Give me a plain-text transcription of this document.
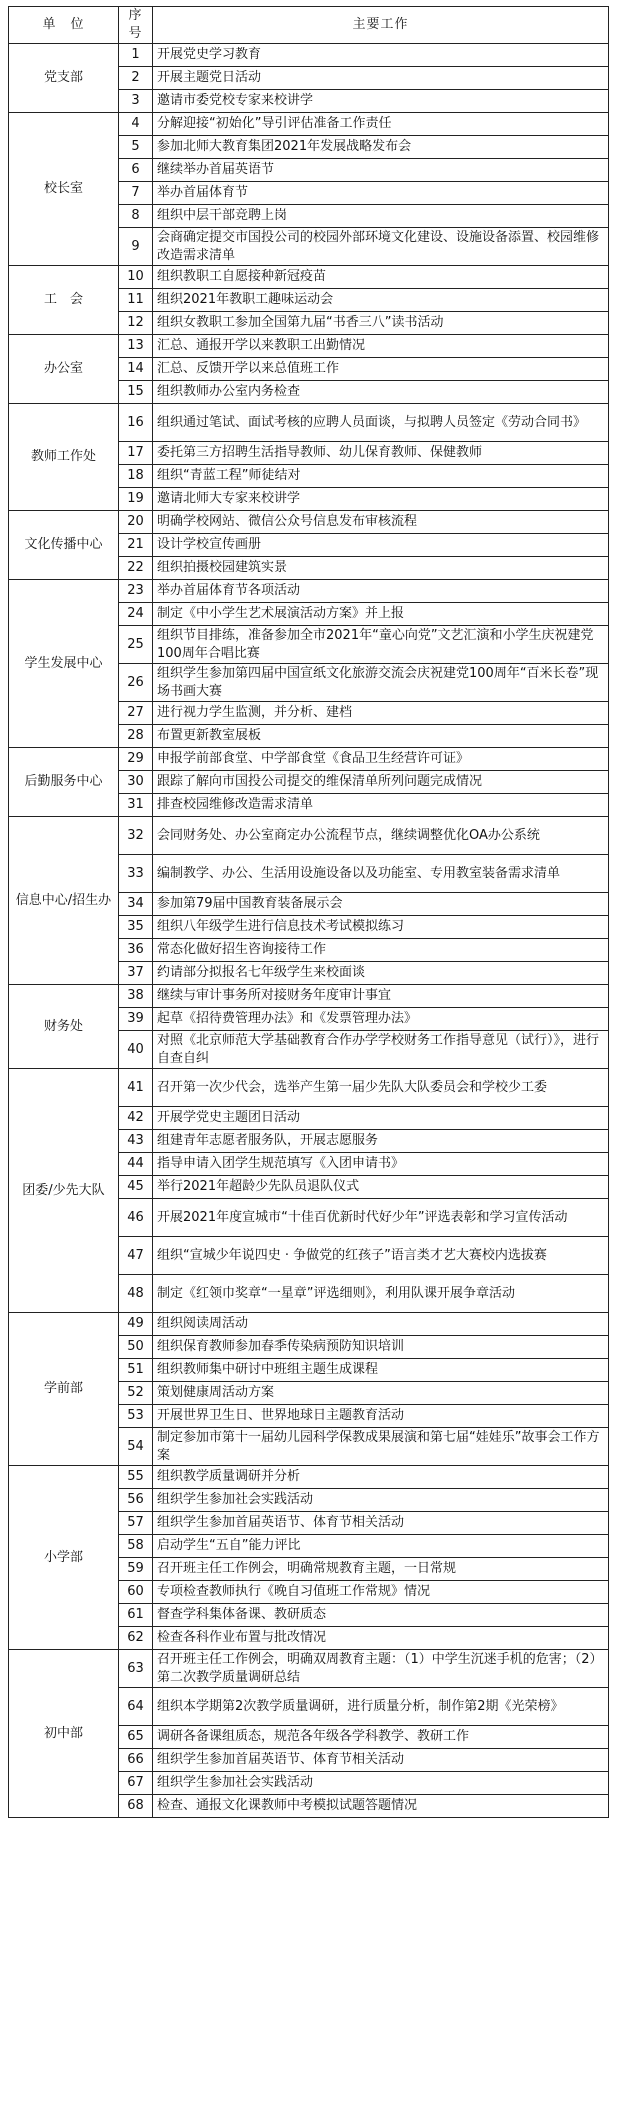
单　位	序号	主要工作
党支部	1	开展党史学习教育
	2	开展主题党日活动
	3	邀请市委党校专家来校讲学
校长室	4	分解迎接“初始化”导引评估准备工作责任
	5	参加北师大教育集团2021年发展战略发布会
	6	继续举办首届英语节
	7	举办首届体育节
	8	组织中层干部竞聘上岗
	9	会商确定提交市国投公司的校园外部环境文化建设、设施设备添置、校园维修改造需求清单
工　会	10	组织教职工自愿接种新冠疫苗
	11	组织2021年教职工趣味运动会
	12	组织女教职工参加全国第九届“书香三八”读书活动
办公室	13	汇总、通报开学以来教职工出勤情况
	14	汇总、反馈开学以来总值班工作
	15	组织教师办公室内务检查
教师工作处	16	组织通过笔试、面试考核的应聘人员面谈，与拟聘人员签定《劳动合同书》
	17	委托第三方招聘生活指导教师、幼儿保育教师、保健教师
	18	组织“青蓝工程”师徒结对
	19	邀请北师大专家来校讲学
文化传播中心	20	明确学校网站、微信公众号信息发布审核流程
	21	设计学校宣传画册
	22	组织拍摄校园建筑实景
学生发展中心	23	举办首届体育节各项活动
	24	制定《中小学生艺术展演活动方案》并上报
	25	组织节目排练，准备参加全市2021年“童心向党”文艺汇演和小学生庆祝建党100周年合唱比赛
	26	组织学生参加第四届中国宣纸文化旅游交流会庆祝建党100周年“百米长卷”现场书画大赛
	27	进行视力学生监测，并分析、建档
	28	布置更新教室展板
后勤服务中心	29	申报学前部食堂、中学部食堂《食品卫生经营许可证》
	30	跟踪了解向市国投公司提交的维保清单所列问题完成情况
	31	排查校园维修改造需求清单
信息中心/招生办	32	会同财务处、办公室商定办公流程节点，继续调整优化OA办公系统
	33	编制教学、办公、生活用设施设备以及功能室、专用教室装备需求清单
	34	参加第79届中国教育装备展示会
	35	组织八年级学生进行信息技术考试模拟练习
	36	常态化做好招生咨询接待工作
	37	约请部分拟报名七年级学生来校面谈
财务处	38	继续与审计事务所对接财务年度审计事宜
	39	起草《招待费管理办法》和《发票管理办法》
	40	对照《北京师范大学基础教育合作办学学校财务工作指导意见（试行）》，进行自查自纠
团委/少先大队	41	召开第一次少代会，选举产生第一届少先队大队委员会和学校少工委
	42	开展学党史主题团日活动
	43	组建青年志愿者服务队，开展志愿服务
	44	指导申请入团学生规范填写《入团申请书》
	45	举行2021年超龄少先队员退队仪式
	46	开展2021年度宣城市“十佳百优新时代好少年”评选表彰和学习宣传活动
	47	组织“宣城少年说四史 · 争做党的红孩子”语言类才艺大赛校内选拔赛
	48	制定《红领巾奖章“一星章”评选细则》，利用队课开展争章活动
学前部	49	组织阅读周活动
	50	组织保育教师参加春季传染病预防知识培训
	51	组织教师集中研讨中班组主题生成课程
	52	策划健康周活动方案
	53	开展世界卫生日、世界地球日主题教育活动
	54	制定参加市第十一届幼儿园科学保教成果展演和第七届“娃娃乐”故事会工作方案
小学部	55	组织教学质量调研并分析
	56	组织学生参加社会实践活动
	57	组织学生参加首届英语节、体育节相关活动
	58	启动学生“五自”能力评比
	59	召开班主任工作例会，明确常规教育主题，一日常规
	60	专项检查教师执行《晚自习值班工作常规》情况
	61	督查学科集体备课、教研质态
	62	检查各科作业布置与批改情况
初中部	63	召开班主任工作例会，明确双周教育主题：（1）中学生沉迷手机的危害；（2）第二次教学质量调研总结
	64	组织本学期第2次教学质量调研，进行质量分析，制作第2期《光荣榜》
	65	调研各备课组质态，规范各年级各学科教学、教研工作
	66	组织学生参加首届英语节、体育节相关活动
	67	组织学生参加社会实践活动
	68	检查、通报文化课教师中考模拟试题答题情况
